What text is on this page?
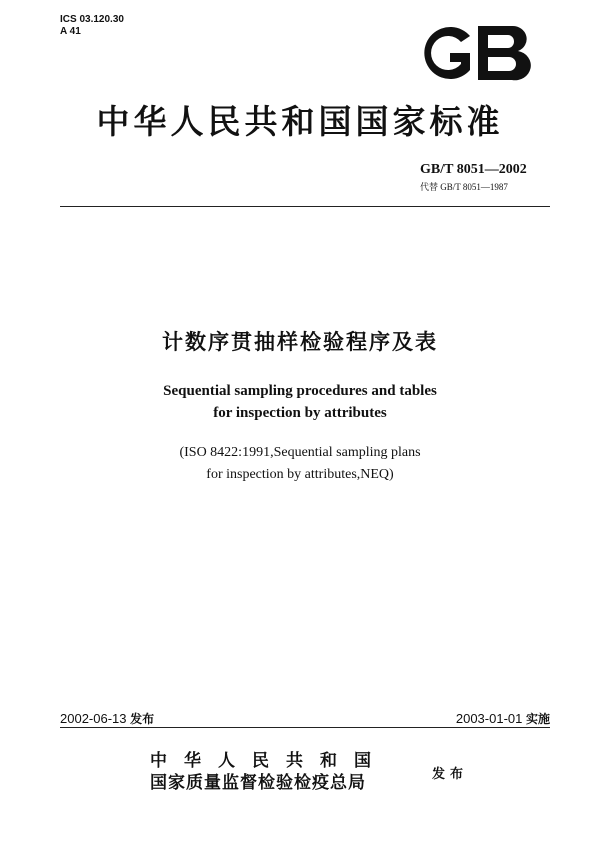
ICS 03.120.30
A 41
中华人民共和国国家标准
GB/T 8051—2002
代替 GB/T 8051—1987
计数序贯抽样检验程序及表
Sequential sampling procedures and tables
for inspection by attributes
(ISO 8422:1991,Sequential sampling plans
for inspection by attributes,NEQ)
2002-06-13 发布	2003-01-01 实施
中华人民共和国
国家质量监督检验检疫总局	发布
